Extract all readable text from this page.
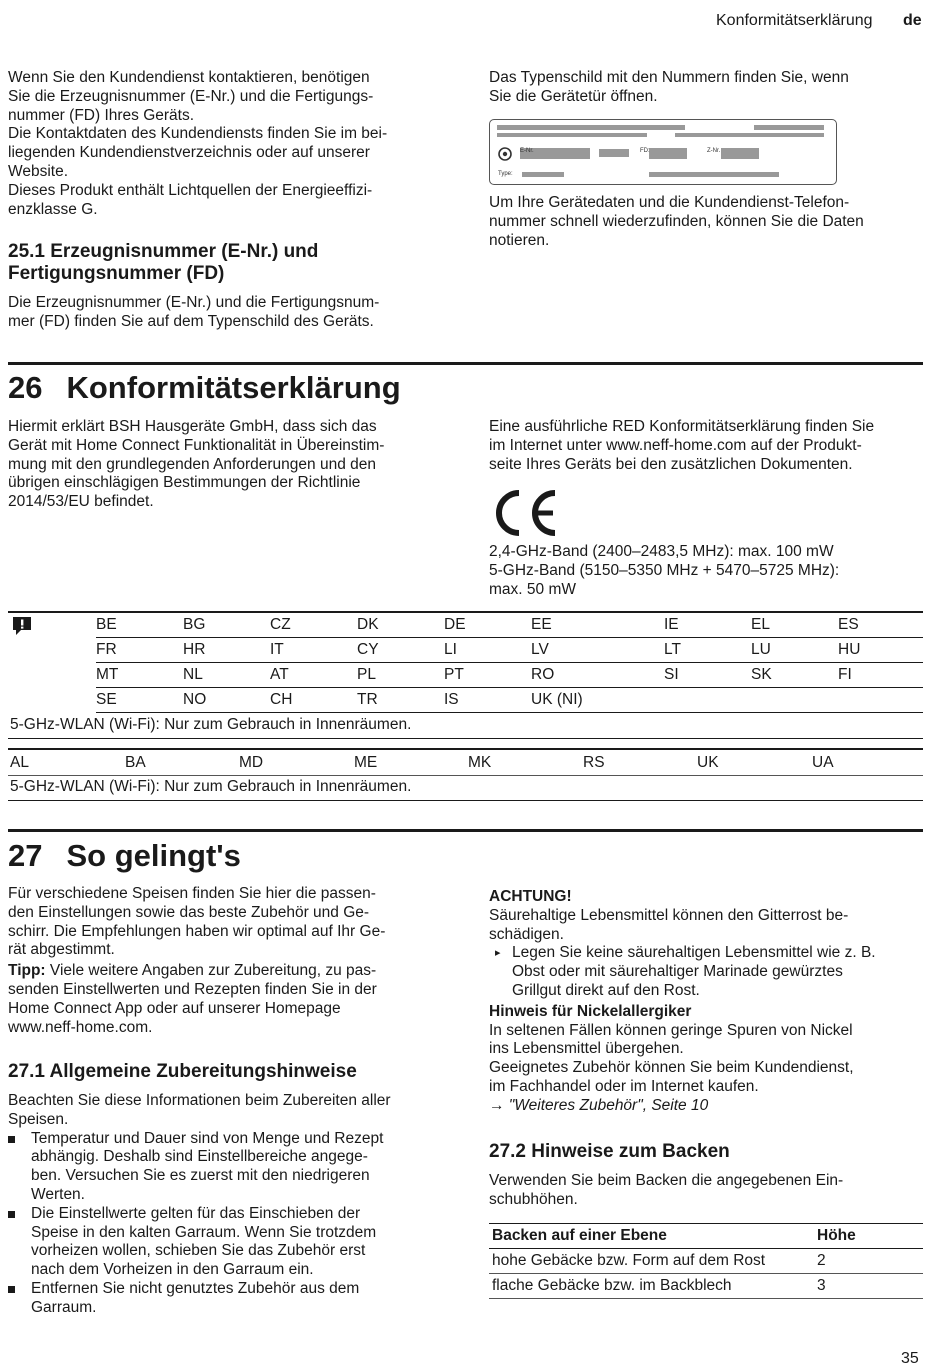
Konformitätserklärung de
Wenn Sie den Kundendienst kontaktieren, benötigen
Sie die Erzeugnisnummer (E-Nr.) und die Fertigungs-
nummer (FD) Ihres Geräts.
Die Kontaktdaten des Kundendiensts finden Sie im bei-
liegenden Kundendienstverzeichnis oder auf unserer
Website.
Dieses Produkt enthält Lichtquellen der Energieeffizi-
enzklasse G.
25.1 Erzeugnisnummer (E-Nr.) und
Fertigungsnummer (FD)
Die Erzeugnisnummer (E-Nr.) und die Fertigungsnum-
mer (FD) finden Sie auf dem Typenschild des Geräts.
Das Typenschild mit den Nummern finden Sie, wenn
Sie die Gerätetür öffnen.
E-Nr.	FD:	Z-Nr.
Type:
Um Ihre Gerätedaten und die Kundendienst-Telefon-
nummer schnell wiederzufinden, können Sie die Daten
notieren.
26 Konformitätserklärung
Hiermit erklärt BSH Hausgeräte GmbH, dass sich das
Gerät mit Home Connect Funktionalität in Übereinstim-
mung mit den grundlegenden Anforderungen und den
übrigen einschlägigen Bestimmungen der Richtlinie
2014/53/EU befindet.
Eine ausführliche RED Konformitätserklärung finden Sie
im Internet unter www.neff-home.com auf der Produkt-
seite Ihres Geräts bei den zusätzlichen Dokumenten.
2,4-GHz-Band (2400–2483,5 MHz): max. 100 mW
5-GHz-Band (5150–5350 MHz + 5470–5725 MHz):
max. 50 mW
BE	BG	CZ	DK	DE	EE	IE	EL	ES
FR	HR	IT	CY	LI	LV	LT	LU	HU
MT	NL	AT	PL	PT	RO	SI	SK	FI
SE	NO	CH	TR	IS	UK (NI)
5-GHz-WLAN (Wi-Fi): Nur zum Gebrauch in Innenräumen.
AL	BA	MD	ME	MK	RS	UK	UA
5-GHz-WLAN (Wi-Fi): Nur zum Gebrauch in Innenräumen.
27 So gelingt's
Für verschiedene Speisen finden Sie hier die passen-
den Einstellungen sowie das beste Zubehör und Ge-
schirr. Die Empfehlungen haben wir optimal auf Ihr Ge-
rät abgestimmt.
Tipp: Viele weitere Angaben zur Zubereitung, zu pas-
senden Einstellwerten und Rezepten finden Sie in der
Home Connect App oder auf unserer Homepage
www.neff-home.com.
27.1 Allgemeine Zubereitungshinweise
Beachten Sie diese Informationen beim Zubereiten aller
Speisen.
Temperatur und Dauer sind von Menge und Rezept
abhängig. Deshalb sind Einstellbereiche angege-
ben. Versuchen Sie es zuerst mit den niedrigeren
Werten.
Die Einstellwerte gelten für das Einschieben der
Speise in den kalten Garraum. Wenn Sie trotzdem
vorheizen wollen, schieben Sie das Zubehör erst
nach dem Vorheizen in den Garraum ein.
Entfernen Sie nicht genutztes Zubehör aus dem
Garraum.
ACHTUNG!
Säurehaltige Lebensmittel können den Gitterrost be-
schädigen.
▸ Legen Sie keine säurehaltigen Lebensmittel wie z. B.
Obst oder mit säurehaltiger Marinade gewürztes
Grillgut direkt auf den Rost.
Hinweis für Nickelallergiker
In seltenen Fällen können geringe Spuren von Nickel
ins Lebensmittel übergehen.
Geeignetes Zubehör können Sie beim Kundendienst,
im Fachhandel oder im Internet kaufen.
→ "Weiteres Zubehör", Seite 10
27.2 Hinweise zum Backen
Verwenden Sie beim Backen die angegebenen Ein-
schubhöhen.
Backen auf einer Ebene	Höhe
hohe Gebäcke bzw. Form auf dem Rost	2
flache Gebäcke bzw. im Backblech	3
35
